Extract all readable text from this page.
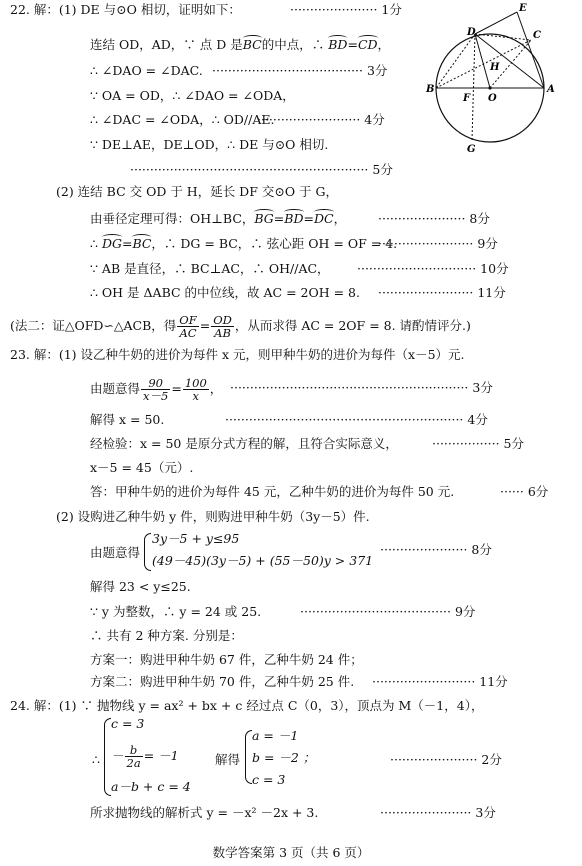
22. 解：(1) DE 与⊙O 相切，证明如下：	······················ 1分
连结 OD，AD，∵ 点 D 是BC的中点，∴ BD=CD，
∴ ∠DAO = ∠DAC. ······································ 3分
∵ OA = OD，∴ ∠DAO = ∠ODA，
∴ ∠DAC = ∠ODA，∴ OD//AE.
·························· 4分
∵ DE⊥AE，DE⊥OD，∴ DE 与⊙O 相切.
···························································· 5分
(2) 连结 BC 交 OD 于 H，延长 DF 交⊙O 于 G，
由垂径定理可得：OH⊥BC，BG=BD=DC，	······················ 8分
∴ DG=BC，∴ DG = BC，∴ 弦心距 OH = OF = 4.
························ 9分
∵ AB 是直径，∴ BC⊥AC，∴ OH//AC， ······························ 10分
∴ OH 是 ΔABC 的中位线，故 AC = 2OH = 8. ························ 11分
(法二：证△OFD∽△ACB，得 $\frac{OF}{AC} = \frac{OD}{AB}$ ，从而求得 AC = 2OF = 8. 请酌情评分.)
E
D	C
H
B
F O
A
G
23. 解：(1) 设乙种牛奶的进价为每件 x 元，则甲种牛奶的进价为每件（x－5）元.
由题意得 $\frac{90}{x-5} = \frac{100}{x}$ ， ···························································· 3分
解得 x = 50.	···························································· 4分
经检验：x = 50 是原分式方程的解，且符合实际意义，	················· 5分
x－5 = 45（元）.
答：甲种牛奶的进价为每件 45 元，乙种牛奶的进价为每件 50 元.	······ 6分
(2) 设购进乙种牛奶 y 件，则购进甲种牛奶（3y－5）件.
由题意得
3y－5 + y≤95
(49－45)(3y－5) + (55－50)y > 371
······················ 8分
解得 23 < y≤25.
∵ y 为整数，∴ y = 24 或 25.	······································ 9分
∴ 共有 2 种方案. 分别是：
方案一：购进甲种牛奶 67 件，乙种牛奶 24 件；
方案二：购进甲种牛奶 70 件，乙种牛奶 25 件. ·························· 11分
24. 解：(1) ∵ 抛物线 y = ax² + bx + c 经过点 C（0，3），顶点为 M（－1，4），
∴
c = 3
－ $\frac{b}{2a} = -1$
a－b + c = 4
解得
a = －1
b = －2 ；
c = 3
······················ 2分
所求抛物线的解析式 y = －x² －2x + 3.	······················· 3分
数学答案第 3 页（共 6 页）
